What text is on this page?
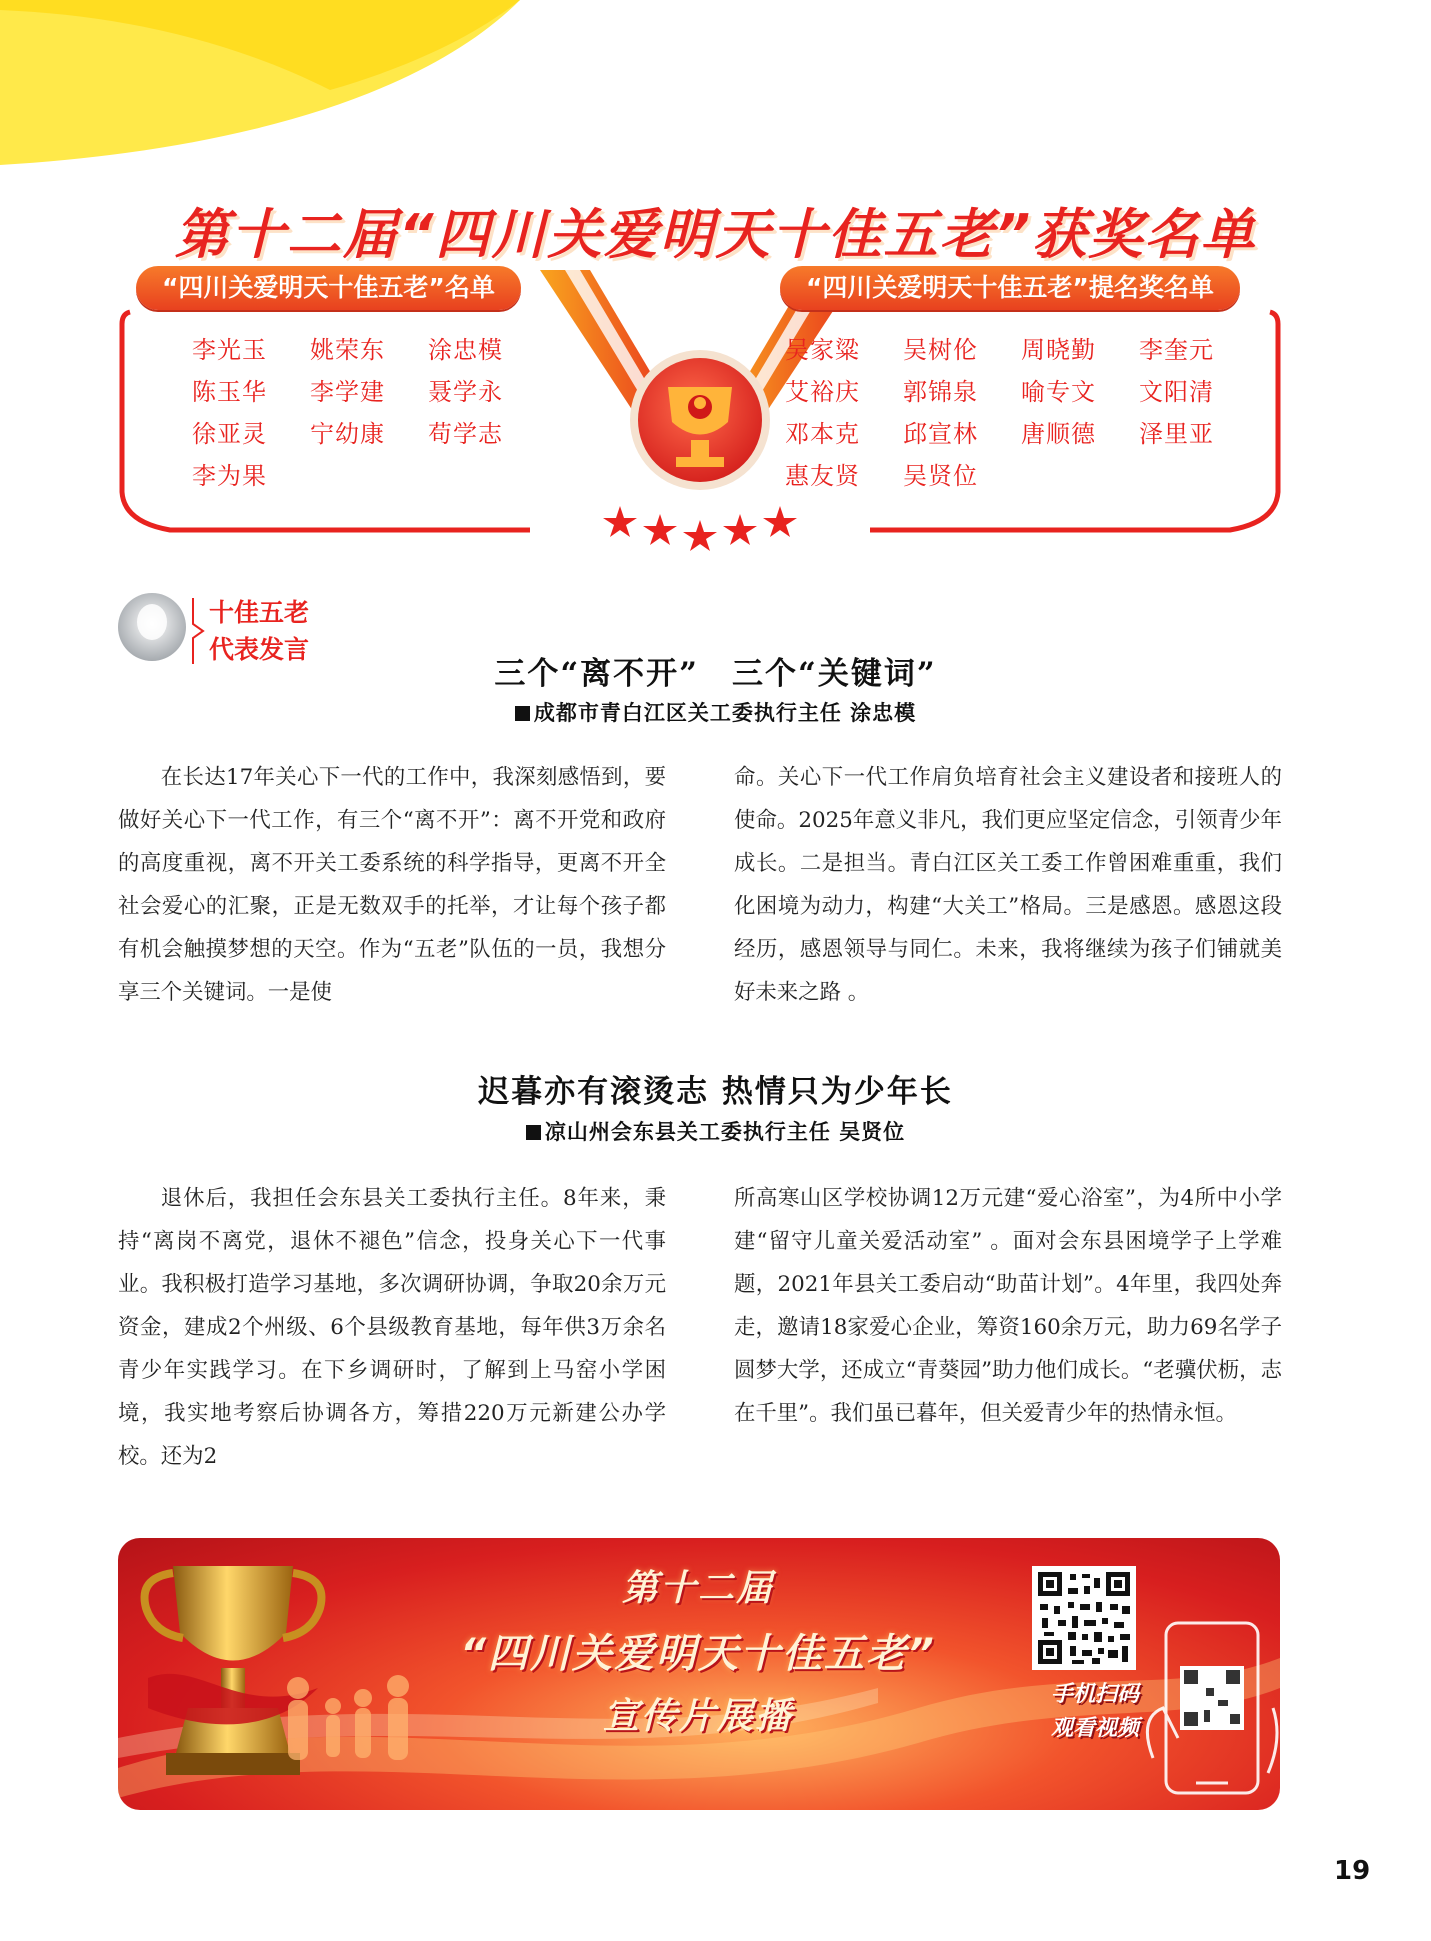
第十二届“四川关爱明天十佳五老”获奖名单
“四川关爱明天十佳五老”名单	“四川关爱明天十佳五老”提名奖名单
李光玉	姚荣东	涂忠模
陈玉华	李学建	聂学永
徐亚灵	宁幼康	苟学志
李为果
吴家粱	吴树伦	周晓勤	李奎元
艾裕庆	郭锦泉	喻专文	文阳清
邓本克	邱宣林	唐顺德	泽里亚
惠友贤	吴贤位
十佳五老
代表发言
三个“离不开”　三个“关键词”
成都市青白江区关工委执行主任 涂忠模

在长达17年关心下一代的工作中，我深刻感悟到，要做好关心下一代工作，有三个“离不开”：离不开党和政府的高度重视，离不开关工委系统的科学指导，更离不开全社会爱心的汇聚，正是无数双手的托举，才让每个孩子都有机会触摸梦想的天空。作为“五老”队伍的一员，我想分享三个关键词。一是使

命。关心下一代工作肩负培育社会主义建设者和接班人的使命。2025年意义非凡，我们更应坚定信念，引领青少年成长。二是担当。青白江区关工委工作曾困难重重，我们化困境为动力，构建“大关工”格局。三是感恩。感恩这段经历，感恩领导与同仁。未来，我将继续为孩子们铺就美好未来之路 。

迟暮亦有滚烫志 热情只为少年长
凉山州会东县关工委执行主任 吴贤位

退休后，我担任会东县关工委执行主任。8年来，秉持“离岗不离党，退休不褪色”信念，投身关心下一代事业。我积极打造学习基地，多次调研协调，争取20余万元资金，建成2个州级、6个县级教育基地，每年供3万余名青少年实践学习。在下乡调研时，了解到上马窑小学困境，我实地考察后协调各方，筹措220万元新建公办学校。还为2

所高寒山区学校协调12万元建“爱心浴室”，为4所中小学建“留守儿童关爱活动室” 。面对会东县困境学子上学难题，2021年县关工委启动“助苗计划”。4年里，我四处奔走，邀请18家爱心企业，筹资160余万元，助力69名学子圆梦大学，还成立“青葵园”助力他们成长。“老骥伏枥，志在千里”。我们虽已暮年，但关爱青少年的热情永恒。

第十二届
“四川关爱明天十佳五老”
宣传片展播
手机扫码
观看视频
19
